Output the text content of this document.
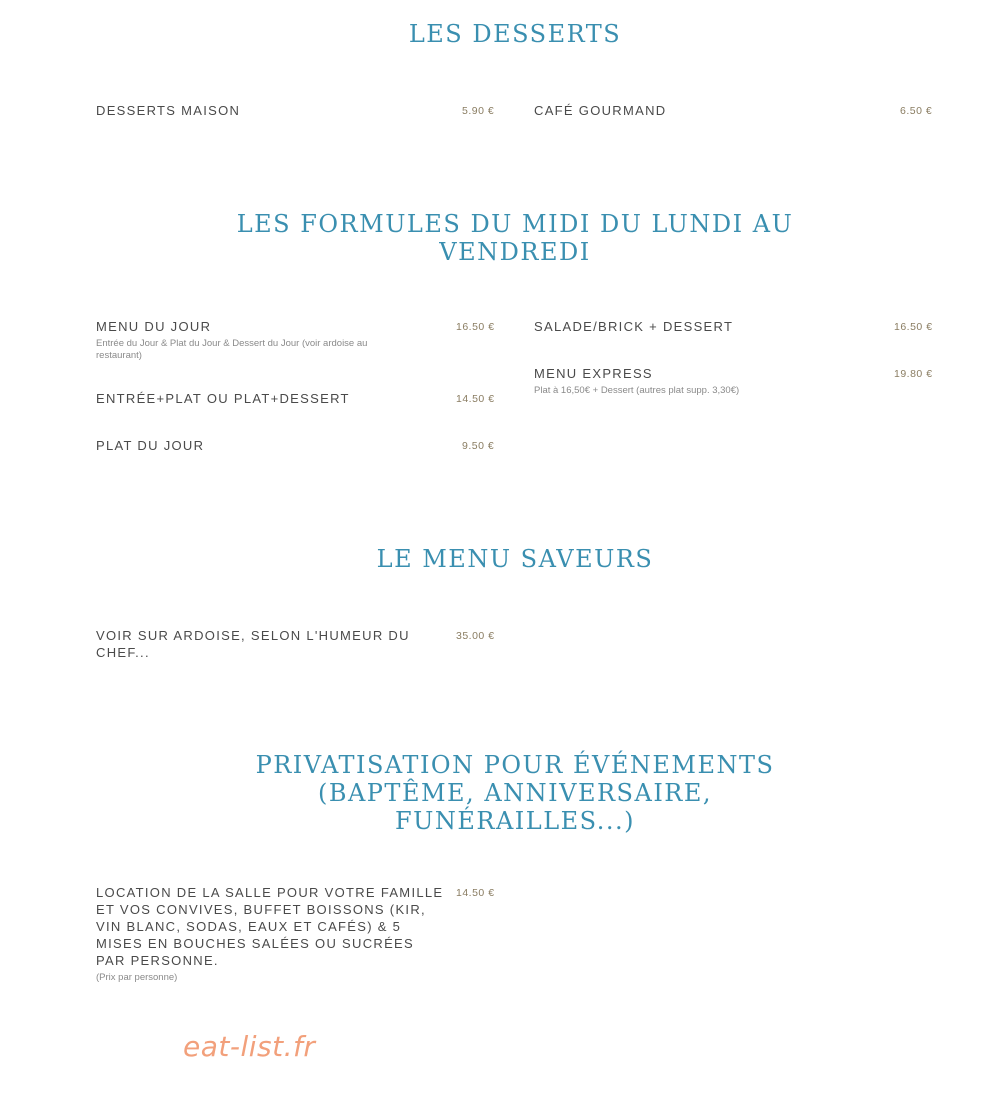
LES DESSERTS
DESSERTS MAISON	5.90 €	CAFÉ GOURMAND	6.50 €
LES FORMULES DU MIDI DU LUNDI AU
VENDREDI
MENU DU JOUR
Entrée du Jour & Plat du Jour & Dessert du Jour (voir ardoise au restaurant)
16.50 €
ENTRÉE+PLAT OU PLAT+DESSERT	14.50 €
PLAT DU JOUR	9.50 €
SALADE/BRICK + DESSERT	16.50 €
MENU EXPRESS
Plat à 16,50€ + Dessert (autres plat supp. 3,30€)
19.80 €
LE MENU SAVEURS
VOIR SUR ARDOISE, SELON L'HUMEUR DU CHEF...
35.00 €
PRIVATISATION POUR ÉVÉNEMENTS
(BAPTÊME, ANNIVERSAIRE,
FUNÉRAILLES...)
LOCATION DE LA SALLE POUR VOTRE FAMILLE ET VOS CONVIVES, BUFFET BOISSONS (KIR, VIN BLANC, SODAS, EAUX ET CAFÉS) & 5 MISES EN BOUCHES SALÉES OU SUCRÉES PAR PERSONNE.
(Prix par personne)
14.50 €
eat-list.fr
